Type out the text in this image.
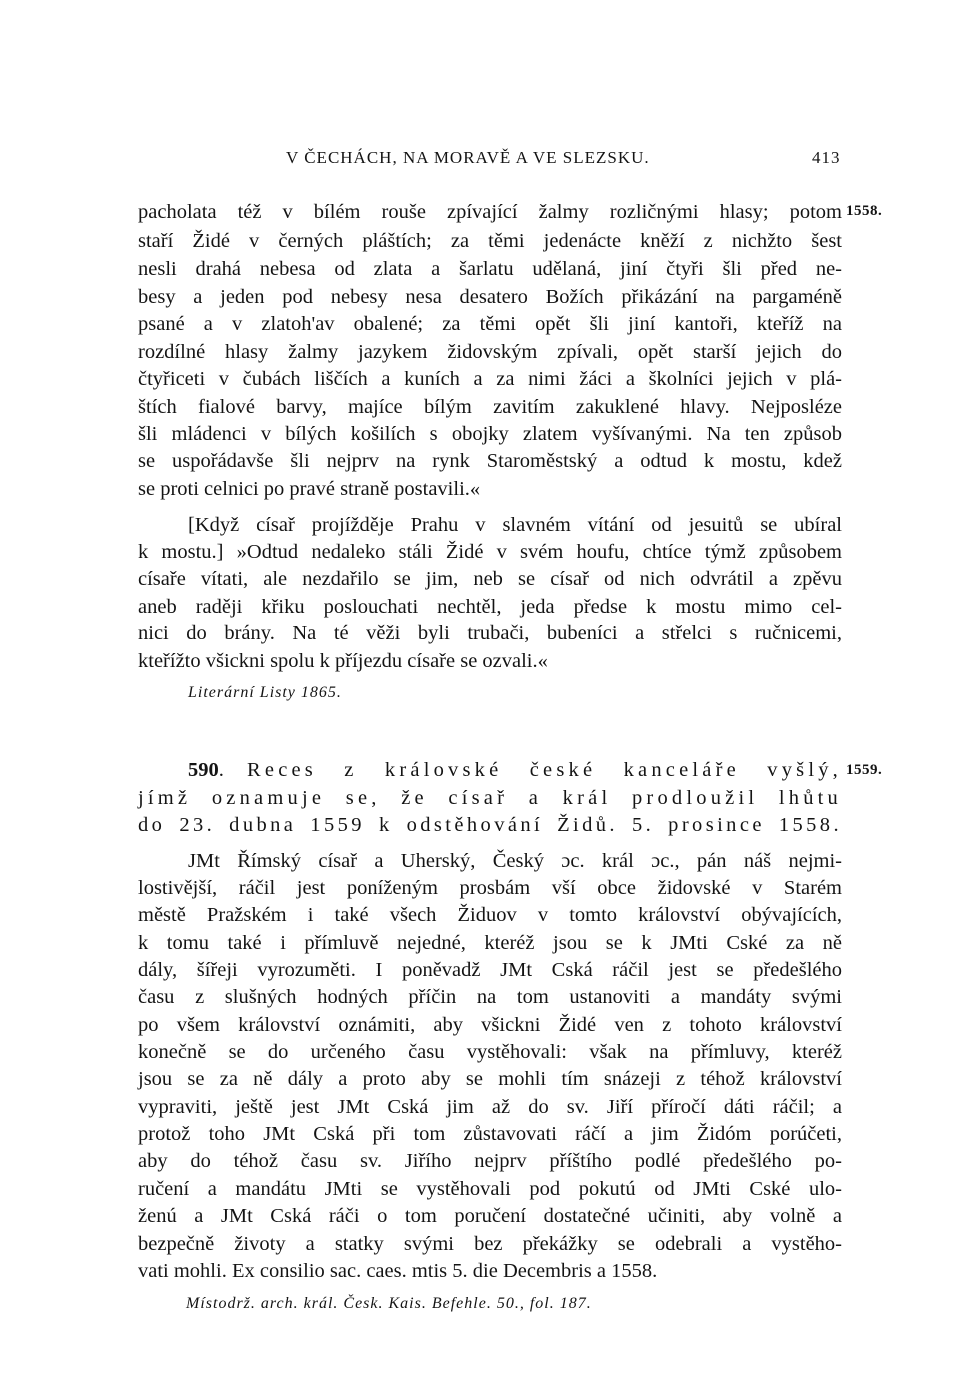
V ČECHÁCH, NA MORAVĚ A VE SLEZSKU.	413
1558.
pacholata též v bílém rouše zpívající žalmy rozličnými hlasy; potom
staří Židé v černých pláštích; za těmi jedenácte kněží z nichžto šest
nesli drahá nebesa od zlata a šarlatu udělaná, jiní čtyři šli před ne-
besy a jeden pod nebesy nesa desatero Božích přikázání na pargaméně
psané a v zlatoh'av obalené; za těmi opět šli jiní kantoři, kteříž na
rozdílné hlasy žalmy jazykem židovským zpívali, opět starší jejich do
čtyřiceti v čubách liščích a kuních a za nimi žáci a školníci jejich v plá-
štích fialové barvy, majíce bílým zavitím zakuklené hlavy. Nejposléze
šli mládenci v bílých košilích s obojky zlatem vyšívanými. Na ten způsob
se uspořádavše šli nejprv na rynk Staroměstský a odtud k mostu, kdež
se proti celnici po pravé straně postavili.«
[Když císař projížděje Prahu v slavném vítání od jesuitů se ubíral
k mostu.] »Odtud nedaleko stáli Židé v svém houfu, chtíce týmž způsobem
císaře vítati, ale nezdařilo se jim, neb se císař od nich odvrátil a zpěvu
aneb raději křiku poslouchati nechtěl, jeda předse k mostu mimo cel-
nici do brány. Na té věži byli trubači, bubeníci a střelci s ručnicemi,
kteřížto všickni spolu k příjezdu císaře se ozvali.«
Literární Listy 1865.
1559.
590. Reces z královské české kanceláře vyšlý,
jímž oznamuje se, že císař a král prodloužil lhůtu
do 23. dubna 1559 k odstěhování Židů. 5. prosince 1558.
JMt Římský císař a Uherský, Český ɔc. král ɔc., pán náš nejmi-
lostivější, ráčil jest poníženým prosbám vší obce židovské v Starém
městě Pražském i také všech Židuov v tomto království obývajících,
k tomu také i přímluvě nejedné, kteréž jsou se k JMti Cské za ně
dály, šířeji vyrozuměti. I poněvadž JMt Cská ráčil jest se předešlého
času z slušných hodných příčin na tom ustanoviti a mandáty svými
po všem království oznámiti, aby všickni Židé ven z tohoto království
konečně se do určeného času vystěhovali: však na přímluvy, kteréž
jsou se za ně dály a proto aby se mohli tím snázeji z téhož království
vypraviti, ještě jest JMt Cská jim až do sv. Jiří příročí dáti ráčil; a
protož toho JMt Cská při tom zůstavovati ráčí a jim Židóm porúčeti,
aby do téhož času sv. Jiřího nejprv příštího podlé předešlého po-
ručení a mandátu JMti se vystěhovali pod pokutú od JMti Cské ulo-
ženú a JMt Cská ráči o tom poručení dostatečné učiniti, aby volně a
bezpečně životy a statky svými bez překážky se odebrali a vystěho-
vati mohli. Ex consilio sac. caes. mtis 5. die Decembris a 1558.
Místodrž. arch. král. Česk. Kais. Befehle. 50., fol. 187.
